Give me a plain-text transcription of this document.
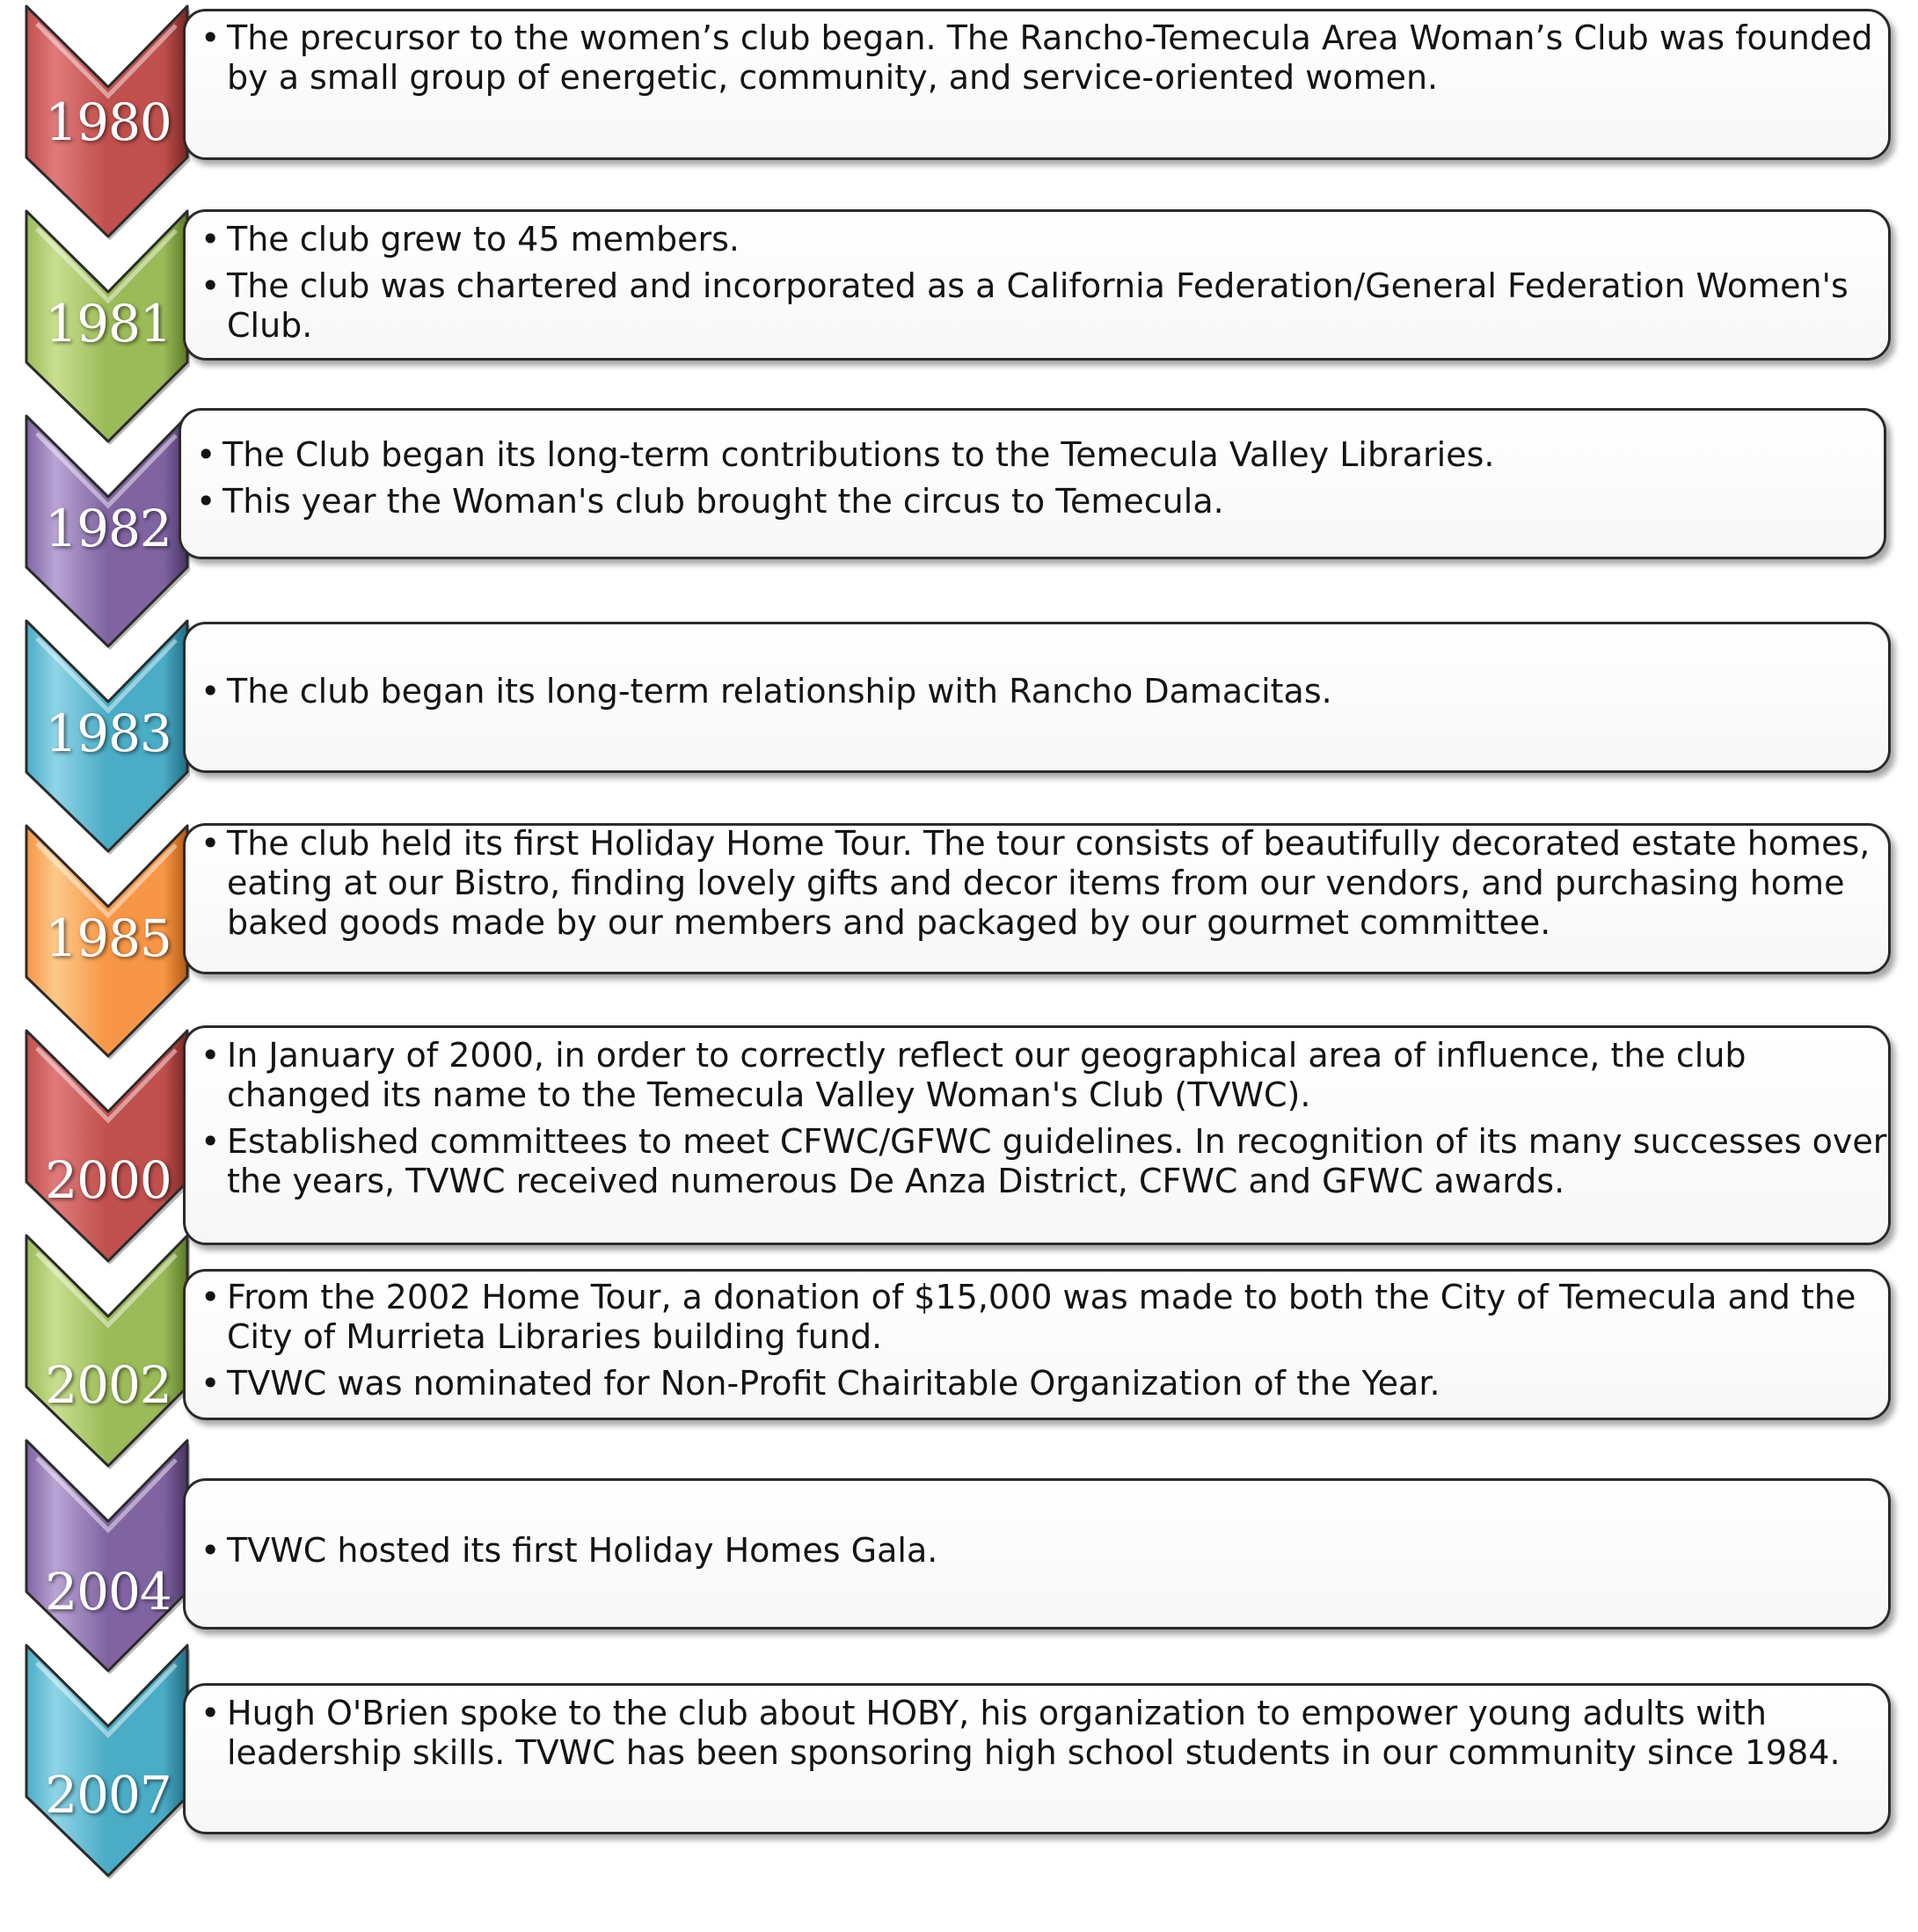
1980
• The precursor to the women’s club began. The Rancho-Temecula Area Woman’s Club was founded by a small group of energetic, community, and service-oriented women.
1981
• The club grew to 45 members.
• The club was chartered and incorporated as a California Federation/General Federation Women's Club.
1982
• The Club began its long-term contributions to the Temecula Valley Libraries.
• This year the Woman's club brought the circus to Temecula.
1983
• The club began its long-term relationship with Rancho Damacitas.
1985
• The club held its first Holiday Home Tour. The tour consists of beautifully decorated estate homes, eating at our Bistro, finding lovely gifts and decor items from our vendors, and purchasing home baked goods made by our members and packaged by our gourmet committee.
2000
• In January of 2000, in order to correctly reflect our geographical area of influence, the club changed its name to the Temecula Valley Woman's Club (TVWC).
• Established committees to meet CFWC/GFWC guidelines. In recognition of its many successes over the years, TVWC received numerous De Anza District, CFWC and GFWC awards.
2002
• From the 2002 Home Tour, a donation of $15,000 was made to both the City of Temecula and the City of Murrieta Libraries building fund.
• TVWC was nominated for Non-Profit Chairitable Organization of the Year.
2004
• TVWC hosted its first Holiday Homes Gala.
2007
• Hugh O'Brien spoke to the club about HOBY, his organization to empower young adults with leadership skills. TVWC has been sponsoring high school students in our community since 1984.
